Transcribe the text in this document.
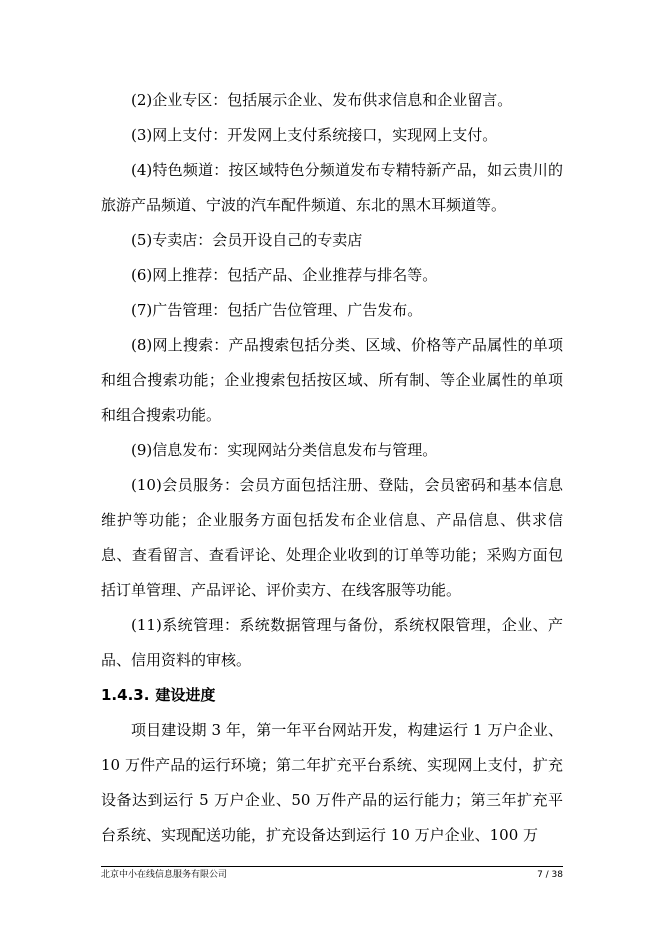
(2)企业专区：包括展示企业、发布供求信息和企业留言。

(3)网上支付：开发网上支付系统接口，实现网上支付。

(4)特色频道：按区域特色分频道发布专精特新产品，如云贵川的旅游产品频道、宁波的汽车配件频道、东北的黑木耳频道等。

(5)专卖店：会员开设自己的专卖店

(6)网上推荐：包括产品、企业推荐与排名等。

(7)广告管理：包括广告位管理、广告发布。

(8)网上搜索：产品搜索包括分类、区域、价格等产品属性的单项和组合搜索功能；企业搜索包括按区域、所有制、等企业属性的单项和组合搜索功能。

(9)信息发布：实现网站分类信息发布与管理。

(10)会员服务：会员方面包括注册、登陆，会员密码和基本信息维护等功能；企业服务方面包括发布企业信息、产品信息、供求信息、查看留言、查看评论、处理企业收到的订单等功能；采购方面包括订单管理、产品评论、评价卖方、在线客服等功能。

(11)系统管理：系统数据管理与备份，系统权限管理，企业、产品、信用资料的审核。

1.4.3. 建设进度

项目建设期 3 年，第一年平台网站开发，构建运行 1 万户企业、10 万件产品的运行环境；第二年扩充平台系统、实现网上支付，扩充设备达到运行 5 万户企业、50 万件产品的运行能力；第三年扩充平台系统、实现配送功能，扩充设备达到运行 10 万户企业、100 万

北京中小在线信息服务有限公司	7 / 38
